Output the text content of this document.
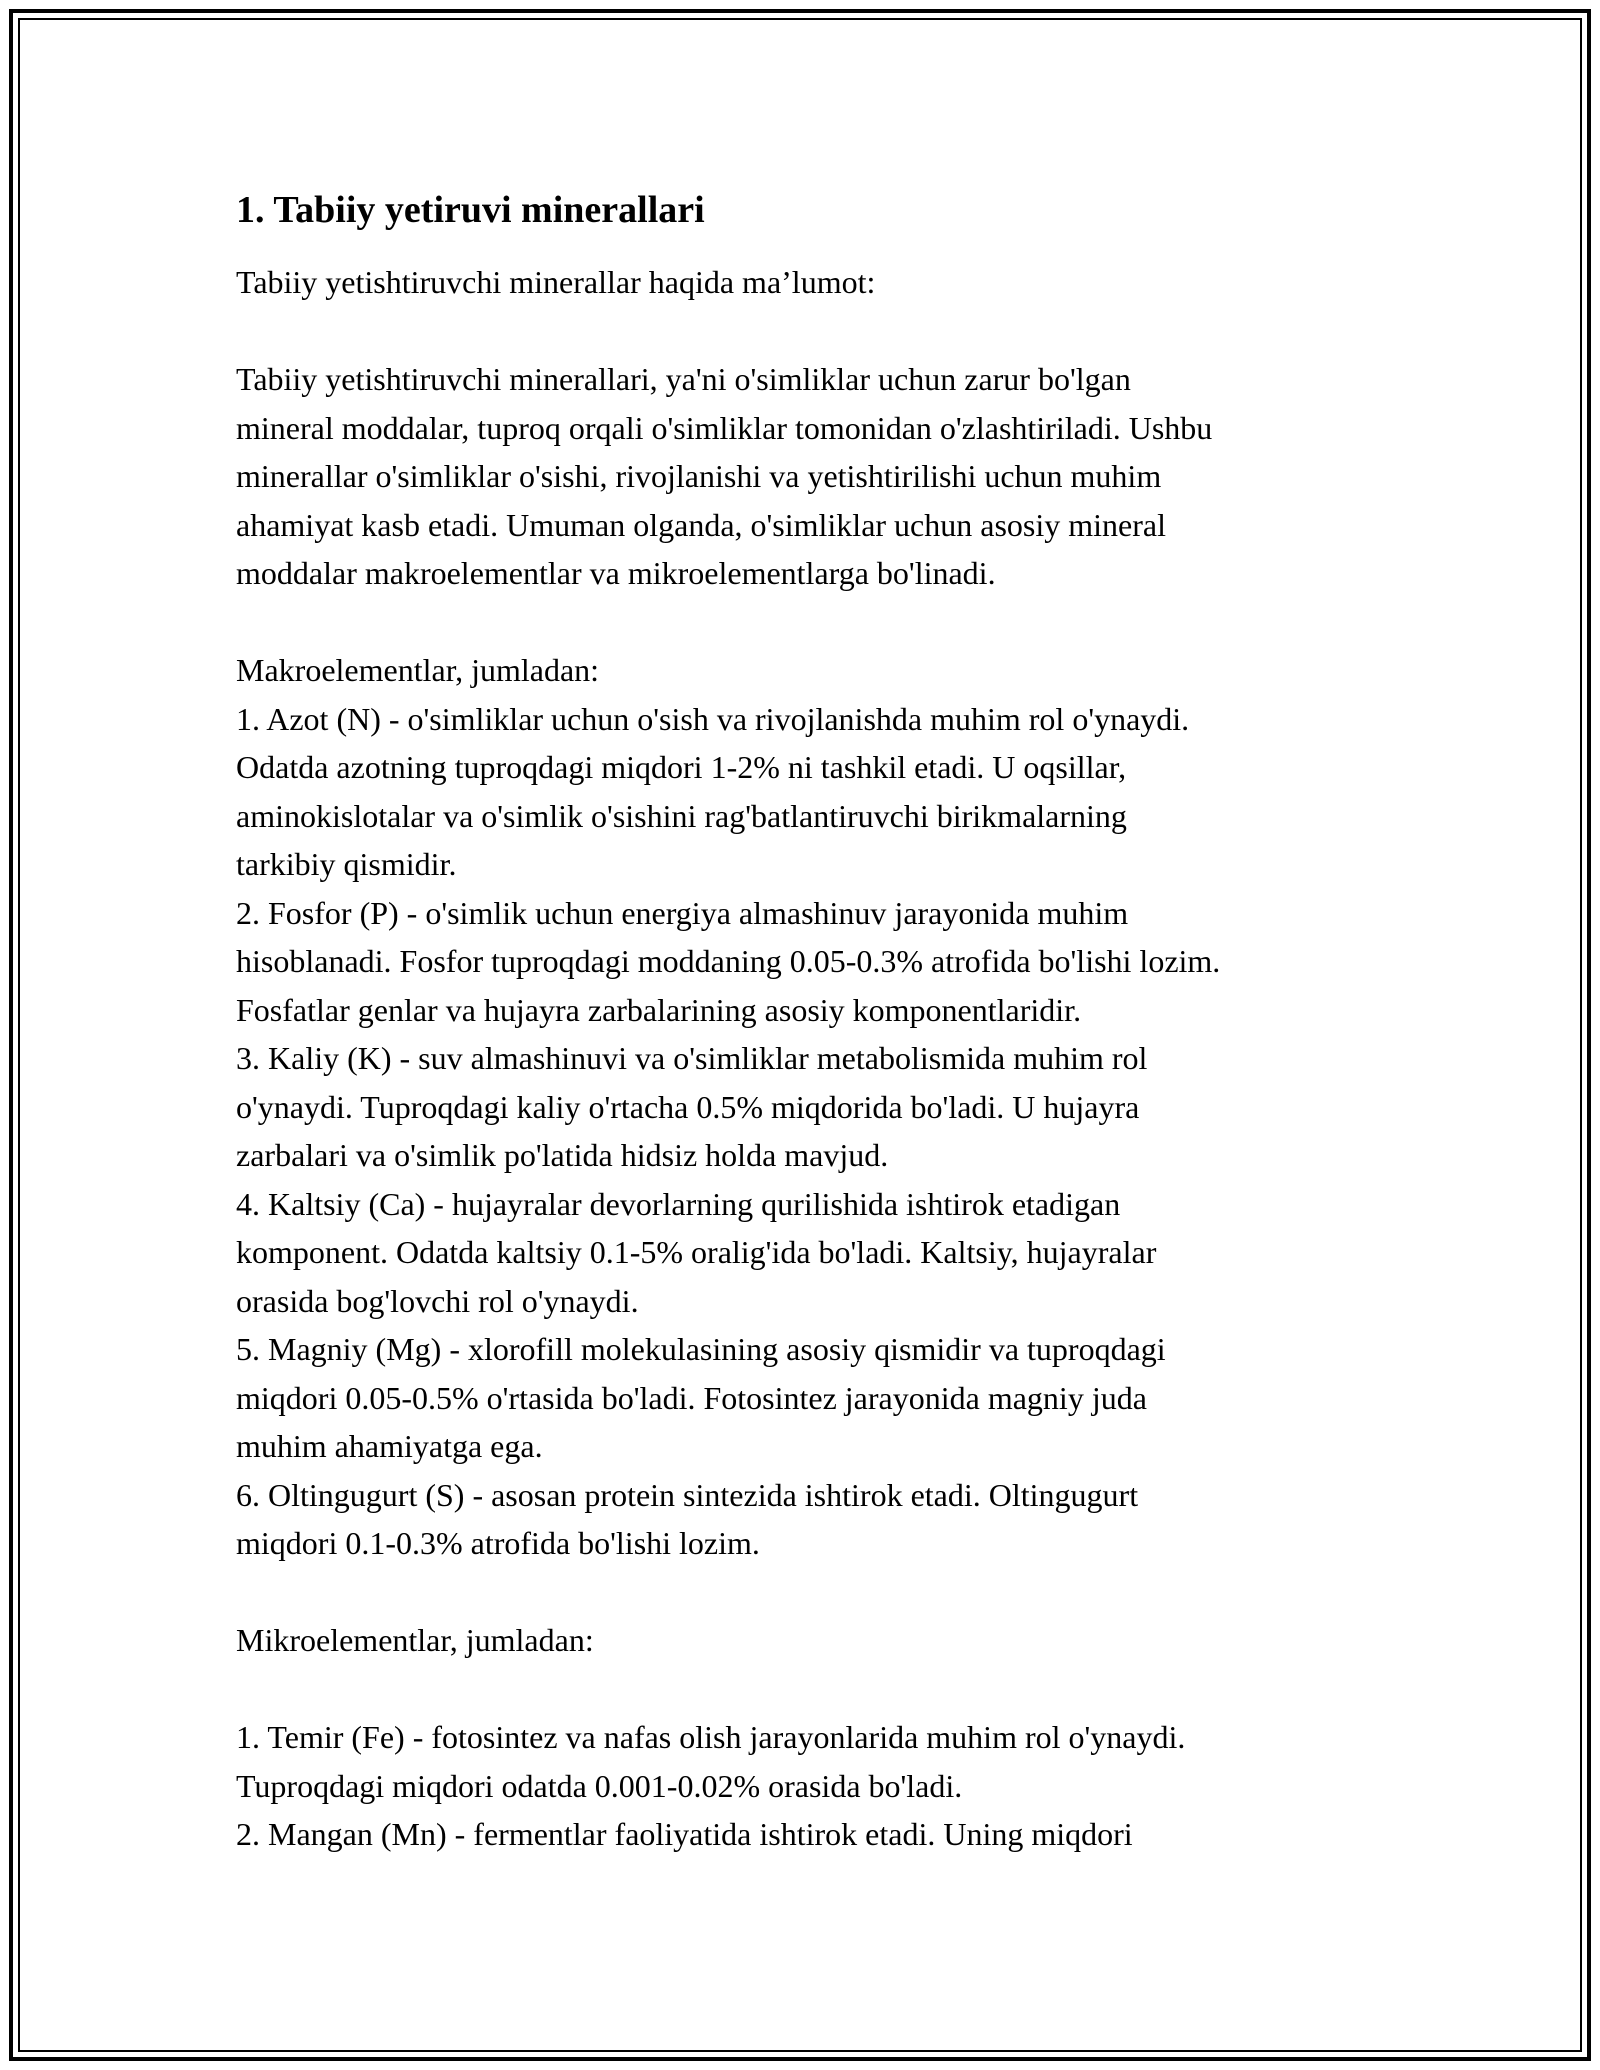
1. Tabiiy yetiruvi minerallari
Tabiiy yetishtiruvchi minerallar haqida ma’lumot:
Tabiiy yetishtiruvchi minerallari, ya'ni o'simliklar uchun zarur bo'lgan
mineral moddalar, tuproq orqali o'simliklar tomonidan o'zlashtiriladi. Ushbu
minerallar o'simliklar o'sishi, rivojlanishi va yetishtirilishi uchun muhim
ahamiyat kasb etadi. Umuman olganda, o'simliklar uchun asosiy mineral
moddalar makroelementlar va mikroelementlarga bo'linadi.
Makroelementlar, jumladan:
1. Azot (N) - o'simliklar uchun o'sish va rivojlanishda muhim rol o'ynaydi.
Odatda azotning tuproqdagi miqdori 1-2% ni tashkil etadi. U oqsillar,
aminokislotalar va o'simlik o'sishini rag'batlantiruvchi birikmalarning
tarkibiy qismidir.
2. Fosfor (P) - o'simlik uchun energiya almashinuv jarayonida muhim
hisoblanadi. Fosfor tuproqdagi moddaning 0.05-0.3% atrofida bo'lishi lozim.
Fosfatlar genlar va hujayra zarbalarining asosiy komponentlaridir.
3. Kaliy (K) - suv almashinuvi va o'simliklar metabolismida muhim rol
o'ynaydi. Tuproqdagi kaliy o'rtacha 0.5% miqdorida bo'ladi. U hujayra
zarbalari va o'simlik po'latida hidsiz holda mavjud.
4. Kaltsiy (Ca) - hujayralar devorlarning qurilishida ishtirok etadigan
komponent. Odatda kaltsiy 0.1-5% oralig'ida bo'ladi. Kaltsiy, hujayralar
orasida bog'lovchi rol o'ynaydi.
5. Magniy (Mg) - xlorofill molekulasining asosiy qismidir va tuproqdagi
miqdori 0.05-0.5% o'rtasida bo'ladi. Fotosintez jarayonida magniy juda
muhim ahamiyatga ega.
6. Oltingugurt (S) - asosan protein sintezida ishtirok etadi. Oltingugurt
miqdori 0.1-0.3% atrofida bo'lishi lozim.
Mikroelementlar, jumladan:
1. Temir (Fe) - fotosintez va nafas olish jarayonlarida muhim rol o'ynaydi.
Tuproqdagi miqdori odatda 0.001-0.02% orasida bo'ladi.
2. Mangan (Mn) - fermentlar faoliyatida ishtirok etadi. Uning miqdori
